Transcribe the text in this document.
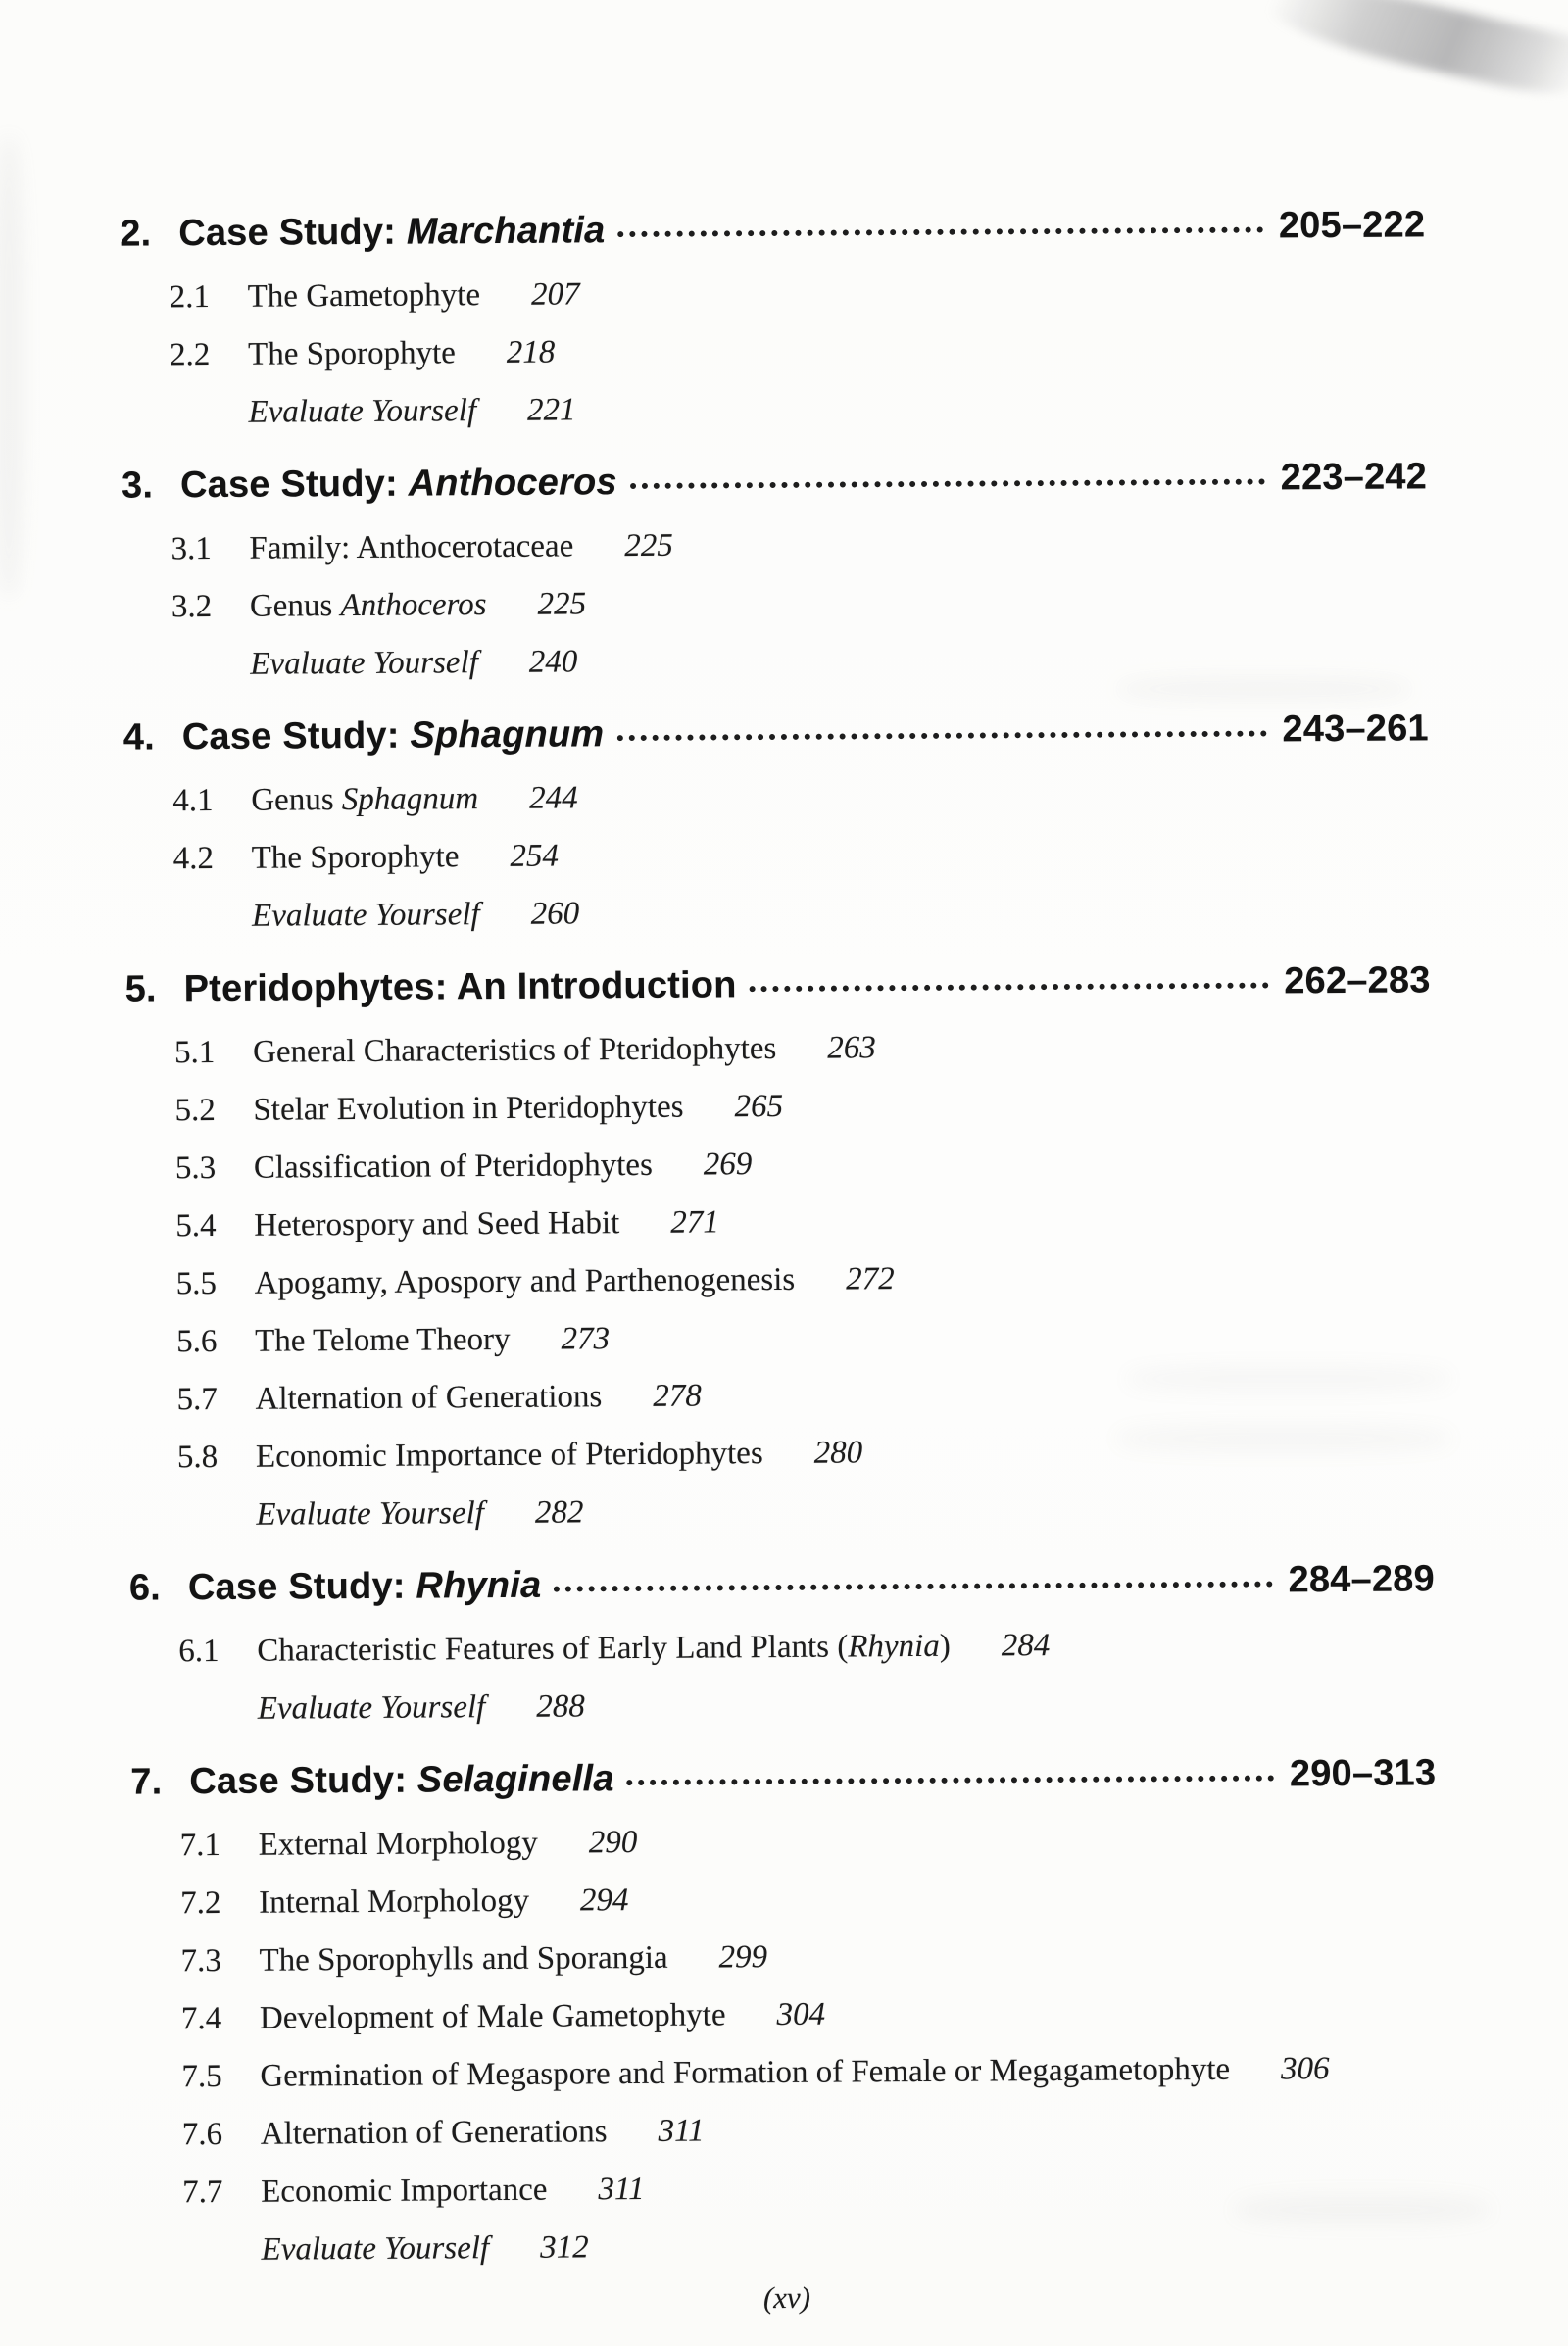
2. Case Study: Marchantia	205–222
2.1	The Gametophyte 207
2.2	The Sporophyte 218
Evaluate Yourself 221
3. Case Study: Anthoceros	223–242
3.1	Family: Anthocerotaceae 225
3.2	Genus Anthoceros 225
Evaluate Yourself 240
4. Case Study: Sphagnum	243–261
4.1	Genus Sphagnum 244
4.2	The Sporophyte 254
Evaluate Yourself 260
5. Pteridophytes: An Introduction	262–283
5.1	General Characteristics of Pteridophytes 263
5.2	Stelar Evolution in Pteridophytes 265
5.3	Classification of Pteridophytes 269
5.4	Heterospory and Seed Habit 271
5.5	Apogamy, Apospory and Parthenogenesis 272
5.6	The Telome Theory 273
5.7	Alternation of Generations 278
5.8	Economic Importance of Pteridophytes 280
Evaluate Yourself 282
6. Case Study: Rhynia	284–289
6.1	Characteristic Features of Early Land Plants (Rhynia) 284
Evaluate Yourself 288
7. Case Study: Selaginella	290–313
7.1	External Morphology 290
7.2	Internal Morphology 294
7.3	The Sporophylls and Sporangia 299
7.4	Development of Male Gametophyte 304
7.5	Germination of Megaspore and Formation of Female or Megagametophyte 306
7.6	Alternation of Generations 311
7.7	Economic Importance 311
Evaluate Yourself 312
(xv)
